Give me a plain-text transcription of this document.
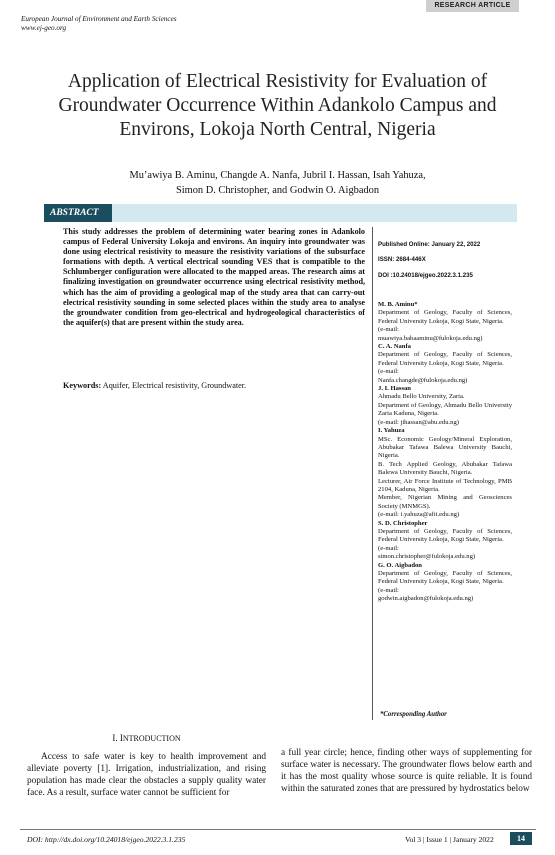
European Journal of Environment and Earth Sciences
www.ej-geo.org
RESEARCH ARTICLE
Application of Electrical Resistivity for Evaluation of Groundwater Occurrence Within Adankolo Campus and Environs, Lokoja North Central, Nigeria
Mu’awiya B. Aminu, Changde A. Nanfa, Jubril I. Hassan, Isah Yahuza,
Simon D. Christopher, and Godwin O. Aigbadon
ABSTRACT
This study addresses the problem of determining water bearing zones in Adankolo campus of Federal University Lokoja and environs. An inquiry into groundwater was done using electrical resistivity to measure the resistivity variations of the subsurface formations with depth. A vertical electrical sounding VES that is compatible to the Schlumberger configuration were allocated to the mapped areas. The research aims at finalizing investigation on groundwater occurrence using electrical resistivity method, which has the aim of providing a geological map of the study area that can carry-out electrical resistivity sounding in some selected places within the study area to analyse the groundwater condition from geo-electrical and hydrogeological characteristics of the aquifer(s) that are present within the study area.
Keywords: Aquifer, Electrical resistivity, Groundwater.

Published Online: January 22, 2022

ISSN: 2684-446X

DOI :10.24018/ejgeo.2022.3.1.235

M. B. Aminu*
Department of Geology, Faculty of Sciences, Federal University Lokoja, Kogi State, Nigeria.
(e-mail:
muawiya.babaaminu@fulokoja.edu.ng)
C. A. Nanfa
Department of Geology, Faculty of Sciences, Federal University Lokoja, Kogi State, Nigeria.
(e-mail:
Nanfa.changde@fulokoja.edu.ng)
J. I. Hassan
Ahmadu Bello University, Zaria.
Department of Geology, Ahmadu Bello University Zaria Kaduna, Nigeria.
(e-mail: jihassan@abu.edu.ng)
I. Yahuza
MSc. Economic Geology/Mineral Exploration, Abubakar Tafawa Balewa University Bauchi, Nigeria.
B. Tech Applied Geology, Abubakar Tafawa Balewa University Bauchi, Nigeria.
Lecturer, Air Force Institute of Technology, PMB 2104, Kaduna, Nigeria.
Member, Nigerian Mining and Geosciences Society (MNMGS).
(e-mail: i.yahuza@afit.edu.ng)
S. D. Christopher
Department of Geology, Faculty of Sciences, Federal University Lokoja, Kogi State, Nigeria.
(e-mail:
simon.christopher@fulokoja.edu.ng)
G. O. Aigbadon
Department of Geology, Faculty of Sciences, Federal University Lokoja, Kogi State, Nigeria.
(e-mail:
godwin.aigbadon@fulokoja.edu.ng)
*Corresponding Author
I. INTRODUCTION

Access to safe water is key to health improvement and alleviate poverty [1]. Irrigation, industrialization, and rising population has made clear the obstacles a supply quality water face. As a result, surface water cannot be sufficient for

a full year circle; hence, finding other ways of supplementing for surface water is necessary. The groundwater flows below earth and it has the most quality whose source is quite reliable. It is found within the saturated zones that are pressured by hydrostatics below

DOI: http://dx.doi.org/10.24018/ejgeo.2022.3.1.235	Vol 3 | Issue 1 | January 2022	14
